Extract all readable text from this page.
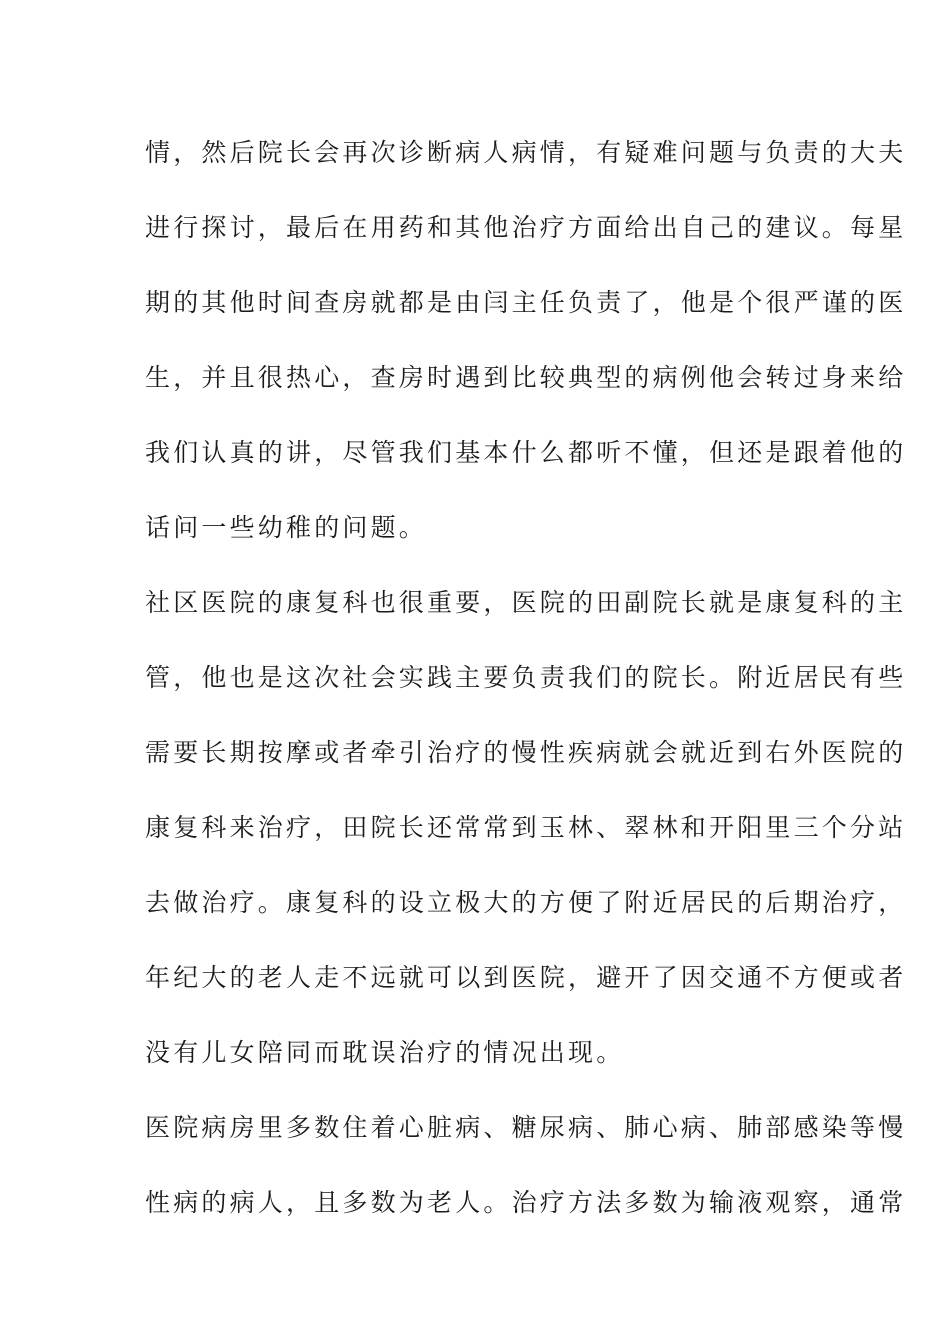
情，然后院长会再次诊断病人病情，有疑难问题与负责的大夫
进行探讨，最后在用药和其他治疗方面给出自己的建议。每星
期的其他时间查房就都是由闫主任负责了，他是个很严谨的医
生，并且很热心，查房时遇到比较典型的病例他会转过身来给
我们认真的讲，尽管我们基本什么都听不懂，但还是跟着他的
话问一些幼稚的问题。
社区医院的康复科也很重要，医院的田副院长就是康复科的主
管，他也是这次社会实践主要负责我们的院长。附近居民有些
需要长期按摩或者牵引治疗的慢性疾病就会就近到右外医院的
康复科来治疗，田院长还常常到玉林、翠林和开阳里三个分站
去做治疗。康复科的设立极大的方便了附近居民的后期治疗，
年纪大的老人走不远就可以到医院，避开了因交通不方便或者
没有儿女陪同而耽误治疗的情况出现。
医院病房里多数住着心脏病、糖尿病、肺心病、肺部感染等慢
性病的病人，且多数为老人。治疗方法多数为输液观察，通常
